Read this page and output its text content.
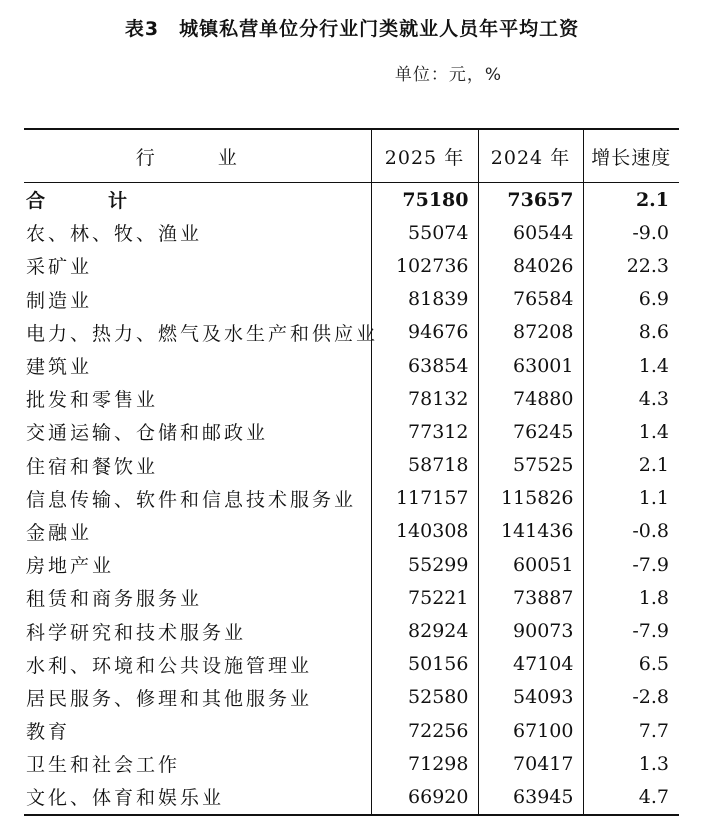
表3 城镇私营单位分行业门类就业人员年平均工资
单位：元，%
行　业	2025 年	2024 年	增长速度
合　计	75180	73657	2.1
农、林、牧、渔业	55074	60544	-9.0
采矿业	102736	84026	22.3
制造业	81839	76584	6.9
电力、热力、燃气及水生产和供应业	94676	87208	8.6
建筑业	63854	63001	1.4
批发和零售业	78132	74880	4.3
交通运输、仓储和邮政业	77312	76245	1.4
住宿和餐饮业	58718	57525	2.1
信息传输、软件和信息技术服务业	117157	115826	1.1
金融业	140308	141436	-0.8
房地产业	55299	60051	-7.9
租赁和商务服务业	75221	73887	1.8
科学研究和技术服务业	82924	90073	-7.9
水利、环境和公共设施管理业	50156	47104	6.5
居民服务、修理和其他服务业	52580	54093	-2.8
教育	72256	67100	7.7
卫生和社会工作	71298	70417	1.3
文化、体育和娱乐业	66920	63945	4.7
